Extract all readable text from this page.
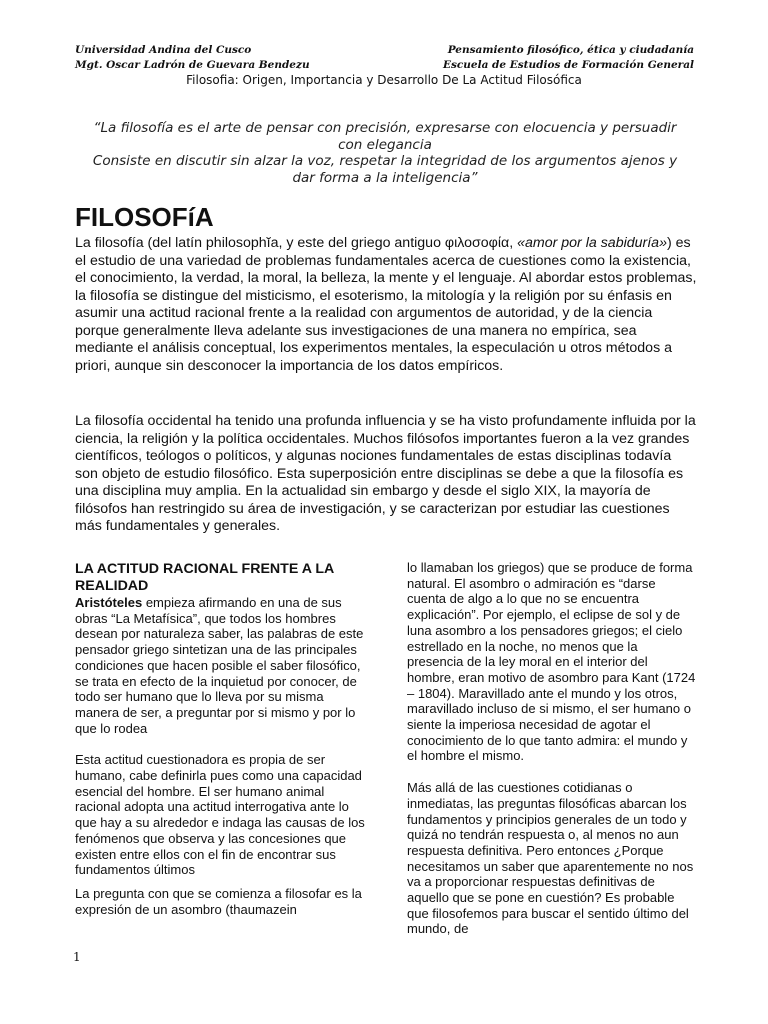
Universidad Andina del Cusco
Mgt. Oscar Ladrón de Guevara Bendezu
Pensamiento filosófico, ética y ciudadanía
Escuela de Estudios de Formación General
Filosofia: Origen, Importancia y Desarrollo De La Actitud Filosófica

“La filosofía es el arte de pensar con precisión, expresarse con elocuencia y persuadir con elegancia

Consiste en discutir sin alzar la voz, respetar la integridad de los argumentos ajenos y dar forma a la inteligencia”

FILOSOFíA
La filosofía (del latín philosophĭa, y este del griego antiguo φιλοσοφία, «amor por la sabiduría») es el estudio de una variedad de problemas fundamentales acerca de cuestiones como la existencia, el conocimiento, la verdad, la moral, la belleza, la mente y el lenguaje. Al abordar estos problemas, la filosofía se distingue del misticismo, el esoterismo, la mitología y la religión por su énfasis en asumir una actitud racional frente a la realidad con argumentos de autoridad, y de la ciencia porque generalmente lleva adelante sus investigaciones de una manera no empírica, sea mediante el análisis conceptual, los experimentos mentales, la especulación u otros métodos a priori, aunque sin desconocer la importancia de los datos empíricos.
La filosofía occidental ha tenido una profunda influencia y se ha visto profundamente influida por la ciencia, la religión y la política occidentales. Muchos filósofos importantes fueron a la vez grandes científicos, teólogos o políticos, y algunas nociones fundamentales de estas disciplinas todavía son objeto de estudio filosófico. Esta superposición entre disciplinas se debe a que la filosofía es una disciplina muy amplia. En la actualidad sin embargo y desde el siglo XIX, la mayoría de filósofos han restringido su área de investigación, y se caracterizan por estudiar las cuestiones más fundamentales y generales.

LA ACTITUD RACIONAL FRENTE A LA REALIDAD

Aristóteles empieza afirmando en una de sus obras “La Metafísica”, que todos los hombres desean por naturaleza saber, las palabras de este pensador griego sintetizan una de las principales condiciones que hacen posible el saber filosófico, se trata en efecto de la inquietud por conocer, de todo ser humano que lo lleva por su misma manera de ser, a preguntar por si mismo y por lo que lo rodea

Esta actitud cuestionadora es propia de ser humano, cabe definirla pues como una capacidad esencial del hombre. El ser humano animal racional adopta una actitud interrogativa ante lo que hay a su alrededor e indaga las causas de los fenómenos que observa y las concesiones que existen entre ellos con el fin de encontrar sus fundamentos últimos

La pregunta con que se comienza a filosofar es la expresión de un asombro (thaumazein

lo llamaban los griegos) que se produce de forma natural. El asombro o admiración es “darse cuenta de algo a lo que no se encuentra explicación”. Por ejemplo, el eclipse de sol y de luna asombro a los pensadores griegos; el cielo estrellado en la noche, no menos que la presencia de la ley moral en el interior del hombre, eran motivo de asombro para Kant (1724 – 1804). Maravillado ante el mundo y los otros, maravillado incluso de si mismo, el ser humano o siente la imperiosa necesidad de agotar el conocimiento de lo que tanto admira: el mundo y el hombre el mismo.

Más allá de las cuestiones cotidianas o inmediatas, las preguntas filosóficas abarcan los fundamentos y principios generales de un todo y quizá no tendrán respuesta o, al menos no aun respuesta definitiva. Pero entonces ¿Porque necesitamos un saber que aparentemente no nos va a proporcionar respuestas definitivas de aquello que se pone en cuestión? Es probable que filosofemos para buscar el sentido último del mundo, de

1
